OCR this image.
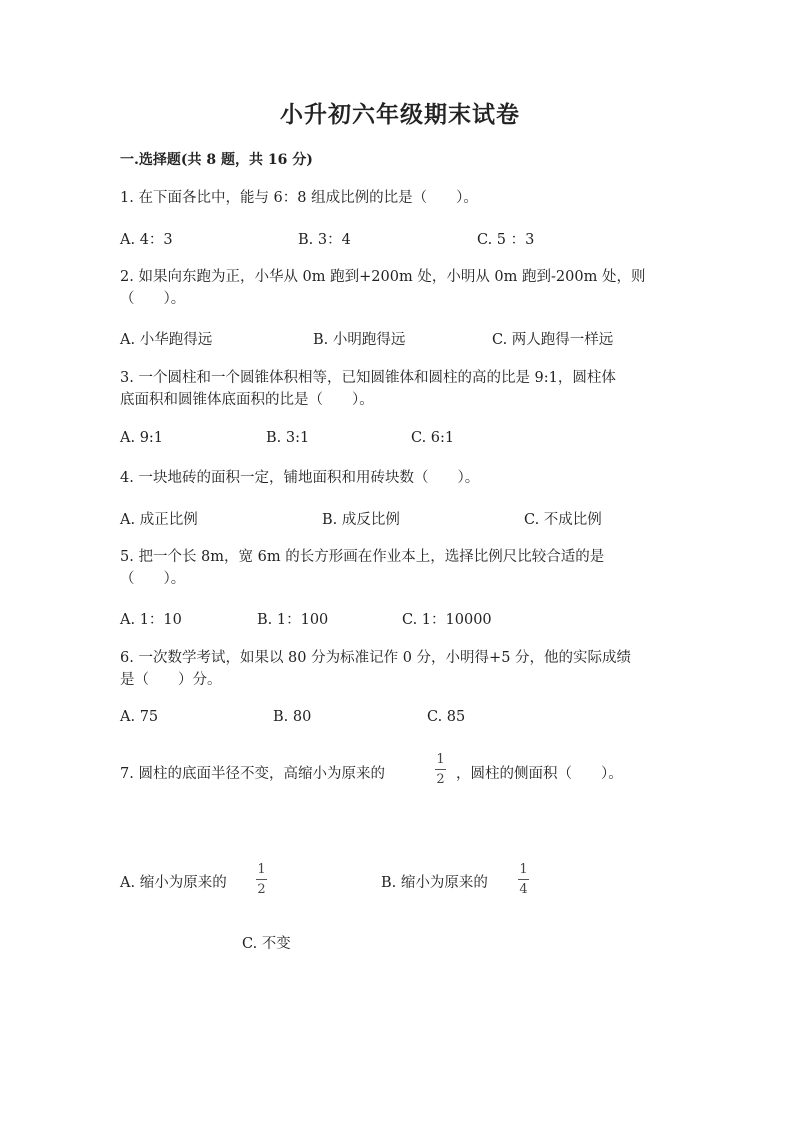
小升初六年级期末试卷
一.选择题(共 8 题，共 16 分)
1. 在下面各比中，能与 6：8 组成比例的比是（　　）。
A. 4：3	B. 3：4	C. 5 ：3
2. 如果向东跑为正，小华从 0m 跑到+200m 处，小明从 0m 跑到-200m 处，则
（　　）。
A. 小华跑得远	B. 小明跑得远	C. 两人跑得一样远
3. 一个圆柱和一个圆锥体积相等，已知圆锥体和圆柱的高的比是 9:1，圆柱体
底面积和圆锥体底面积的比是（　　）。
A. 9:1	B. 3:1	C. 6:1
4. 一块地砖的面积一定，铺地面积和用砖块数（　　）。
A. 成正比例	B. 成反比例	C. 不成比例
5. 把一个长 8m，宽 6m 的长方形画在作业本上，选择比例尺比较合适的是
（　　）。
A. 1：10	B. 1：100	C. 1：10000
6. 一次数学考试，如果以 80 分为标准记作 0 分，小明得+5 分，他的实际成绩
是（　　）分。
A. 75	B. 80	C. 85
7. 圆柱的底面半径不变，高缩小为原来的
1
2 ，圆柱的侧面积（　　）。
A. 缩小为原来的
1
2	B. 缩小为原来的
1
4
C. 不变
